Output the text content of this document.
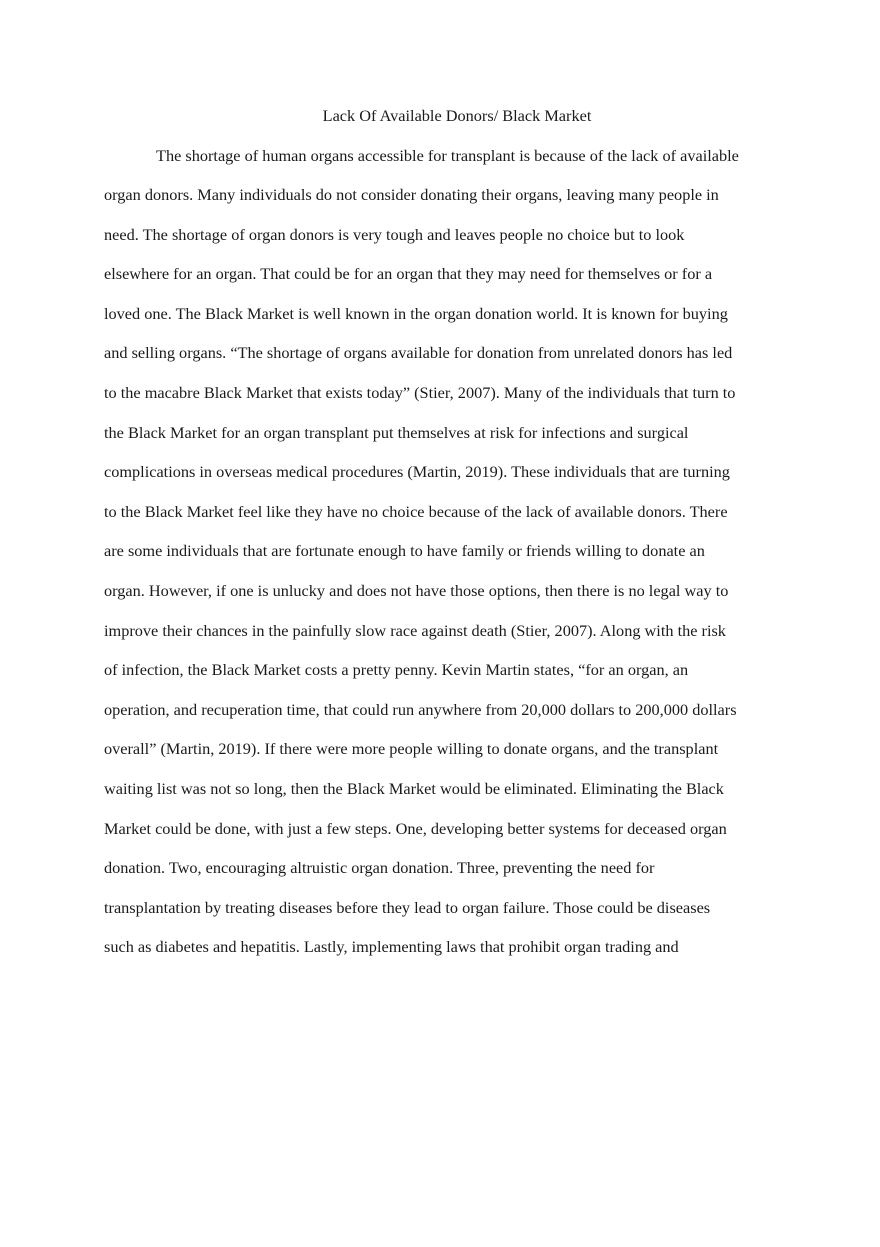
Lack Of Available Donors/ Black Market

The shortage of human organs accessible for transplant is because of the lack of available

organ donors. Many individuals do not consider donating their organs, leaving many people in

need. The shortage of organ donors is very tough and leaves people no choice but to look

elsewhere for an organ. That could be for an organ that they may need for themselves or for a

loved one. The Black Market is well known in the organ donation world. It is known for buying

and selling organs. “The shortage of organs available for donation from unrelated donors has led

to the macabre Black Market that exists today” (Stier, 2007). Many of the individuals that turn to

the Black Market for an organ transplant put themselves at risk for infections and surgical

complications in overseas medical procedures (Martin, 2019). These individuals that are turning

to the Black Market feel like they have no choice because of the lack of available donors. There

are some individuals that are fortunate enough to have family or friends willing to donate an

organ. However, if one is unlucky and does not have those options, then there is no legal way to

improve their chances in the painfully slow race against death (Stier, 2007). Along with the risk

of infection, the Black Market costs a pretty penny. Kevin Martin states, “for an organ, an

operation, and recuperation time, that could run anywhere from 20,000 dollars to 200,000 dollars

overall” (Martin, 2019). If there were more people willing to donate organs, and the transplant

waiting list was not so long, then the Black Market would be eliminated. Eliminating the Black

Market could be done, with just a few steps. One, developing better systems for deceased organ

donation. Two, encouraging altruistic organ donation. Three, preventing the need for

transplantation by treating diseases before they lead to organ failure. Those could be diseases

such as diabetes and hepatitis. Lastly, implementing laws that prohibit organ trading and
